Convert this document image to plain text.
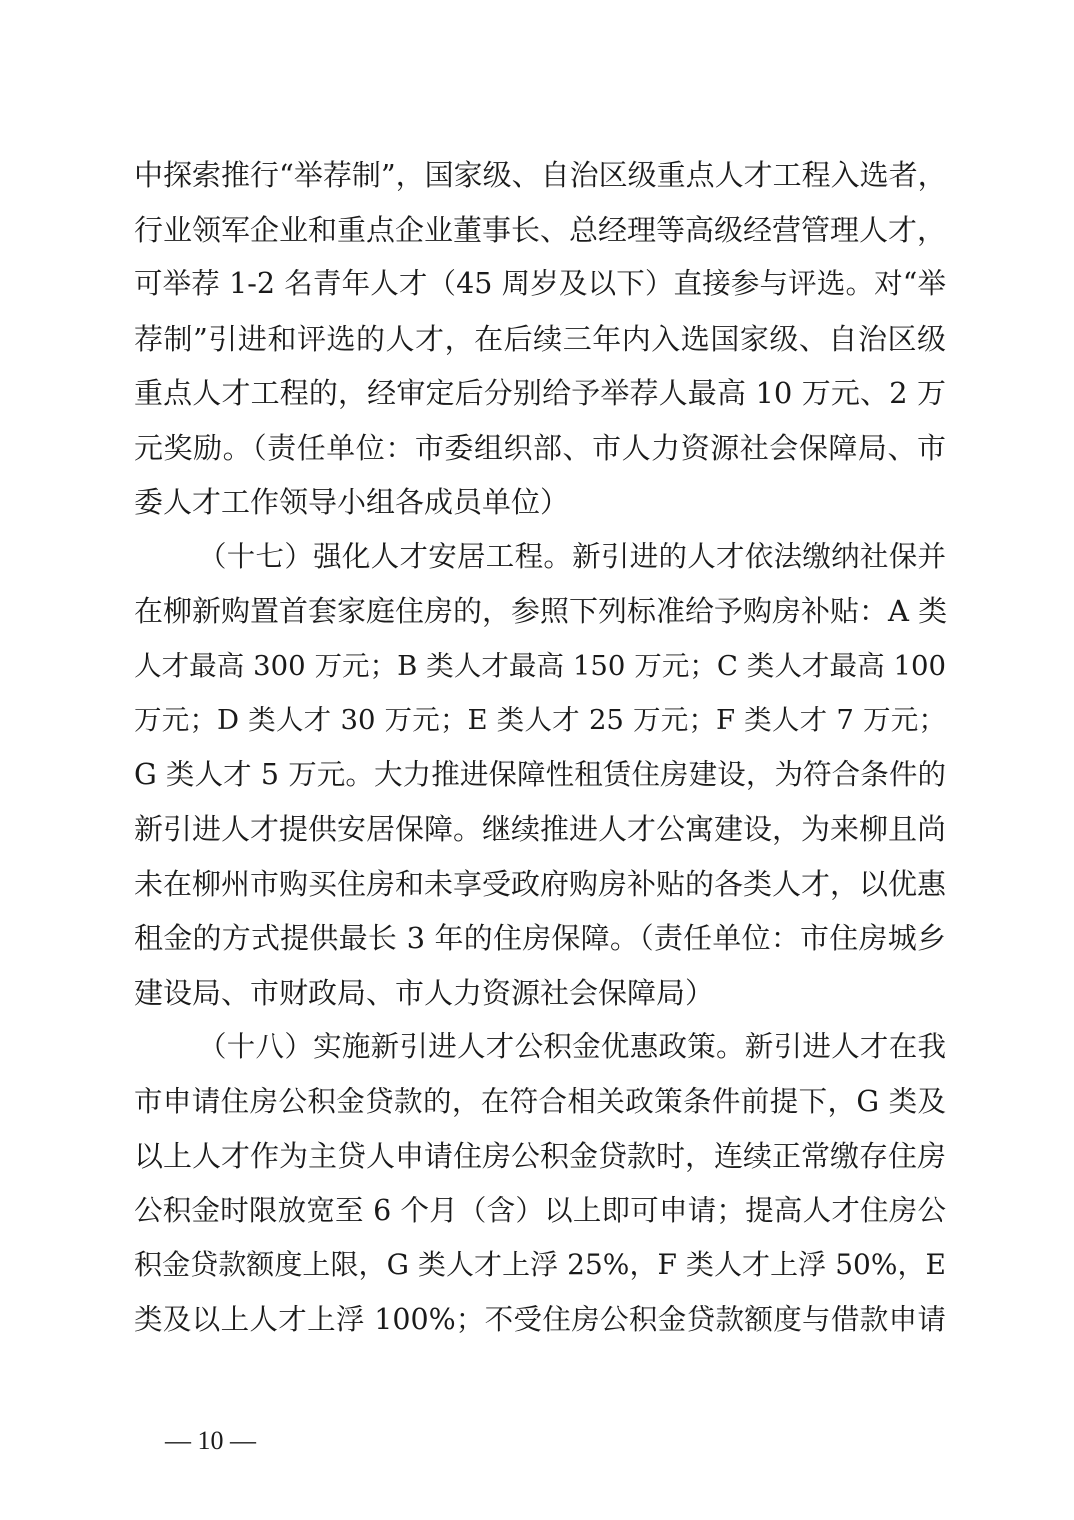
中探索推行“举荐制”，国家级、自治区级重点人才工程入选者，
行业领军企业和重点企业董事长、总经理等高级经营管理人才，
可举荐 1-2 名青年人才（45 周岁及以下）直接参与评选。对“举
荐制”引进和评选的人才，在后续三年内入选国家级、自治区级
重点人才工程的，经审定后分别给予举荐人最高 10 万元、2 万
元奖励。（责任单位：市委组织部、市人力资源社会保障局、市
委人才工作领导小组各成员单位）
（十七）强化人才安居工程。新引进的人才依法缴纳社保并
在柳新购置首套家庭住房的，参照下列标准给予购房补贴：A 类
人才最高 300 万元；B 类人才最高 150 万元；C 类人才最高 100
万元；D 类人才 30 万元；E 类人才 25 万元；F 类人才 7 万元；
G 类人才 5 万元。大力推进保障性租赁住房建设，为符合条件的
新引进人才提供安居保障。继续推进人才公寓建设，为来柳且尚
未在柳州市购买住房和未享受政府购房补贴的各类人才，以优惠
租金的方式提供最长 3 年的住房保障。（责任单位：市住房城乡
建设局、市财政局、市人力资源社会保障局）
（十八）实施新引进人才公积金优惠政策。新引进人才在我
市申请住房公积金贷款的，在符合相关政策条件前提下，G 类及
以上人才作为主贷人申请住房公积金贷款时，连续正常缴存住房
公积金时限放宽至 6 个月（含）以上即可申请；提高人才住房公
积金贷款额度上限，G 类人才上浮 25%，F 类人才上浮 50%，E
类及以上人才上浮 100%；不受住房公积金贷款额度与借款申请
— 10 —
